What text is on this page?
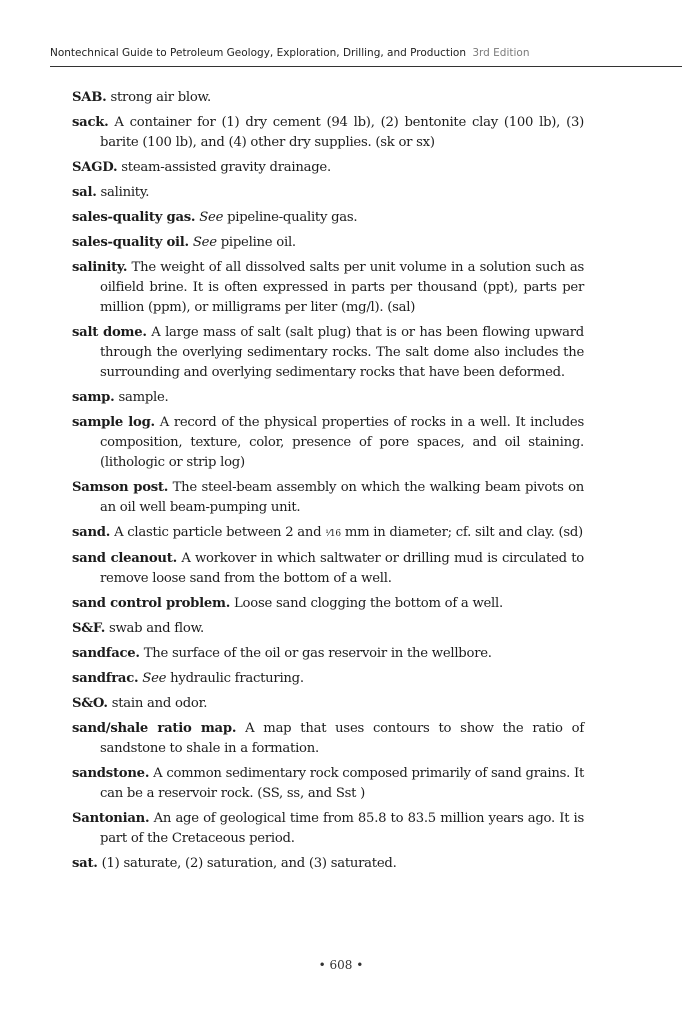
Nontechnical Guide to Petroleum Geology, Exploration, Drilling, and Production 3rd Edition

SAB. strong air blow.

sack. A container for (1) dry cement (94 lb), (2) bentonite clay (100 lb), (3) barite (100 lb), and (4) other dry supplies. (sk or sx)

SAGD. steam-assisted gravity drainage.

sal. salinity.

sales-quality gas. See pipeline-quality gas.

sales-quality oil. See pipeline oil.

salinity. The weight of all dissolved salts per unit volume in a solution such as oilfield brine. It is often expressed in parts per thousand (ppt), parts per million (ppm), or milligrams per liter (mg/l). (sal)

salt dome. A large mass of salt (salt plug) that is or has been flowing upward through the overlying sedimentary rocks. The salt dome also includes the surrounding and overlying sedimentary rocks that have been deformed.

samp. sample.

sample log. A record of the physical properties of rocks in a well. It includes composition, texture, color, presence of pore spaces, and oil staining. (lithologic or strip log)

Samson post. The steel-beam assembly on which the walking beam pivots on an oil well beam-pumping unit.

sand. A clastic particle between 2 and ¹⁄16 mm in diameter; cf. silt and clay. (sd)

sand cleanout. A workover in which saltwater or drilling mud is circulated to remove loose sand from the bottom of a well.

sand control problem. Loose sand clogging the bottom of a well.

S&F. swab and flow.

sandface. The surface of the oil or gas reservoir in the wellbore.

sandfrac. See hydraulic fracturing.

S&O. stain and odor.

sand/shale ratio map. A map that uses contours to show the ratio of sandstone to shale in a formation.

sandstone. A common sedimentary rock composed primarily of sand grains. It can be a reservoir rock. (SS, ss, and Sst )

Santonian. An age of geological time from 85.8 to 83.5 million years ago. It is part of the Cretaceous period.

sat. (1) saturate, (2) saturation, and (3) saturated.

• 608 •
